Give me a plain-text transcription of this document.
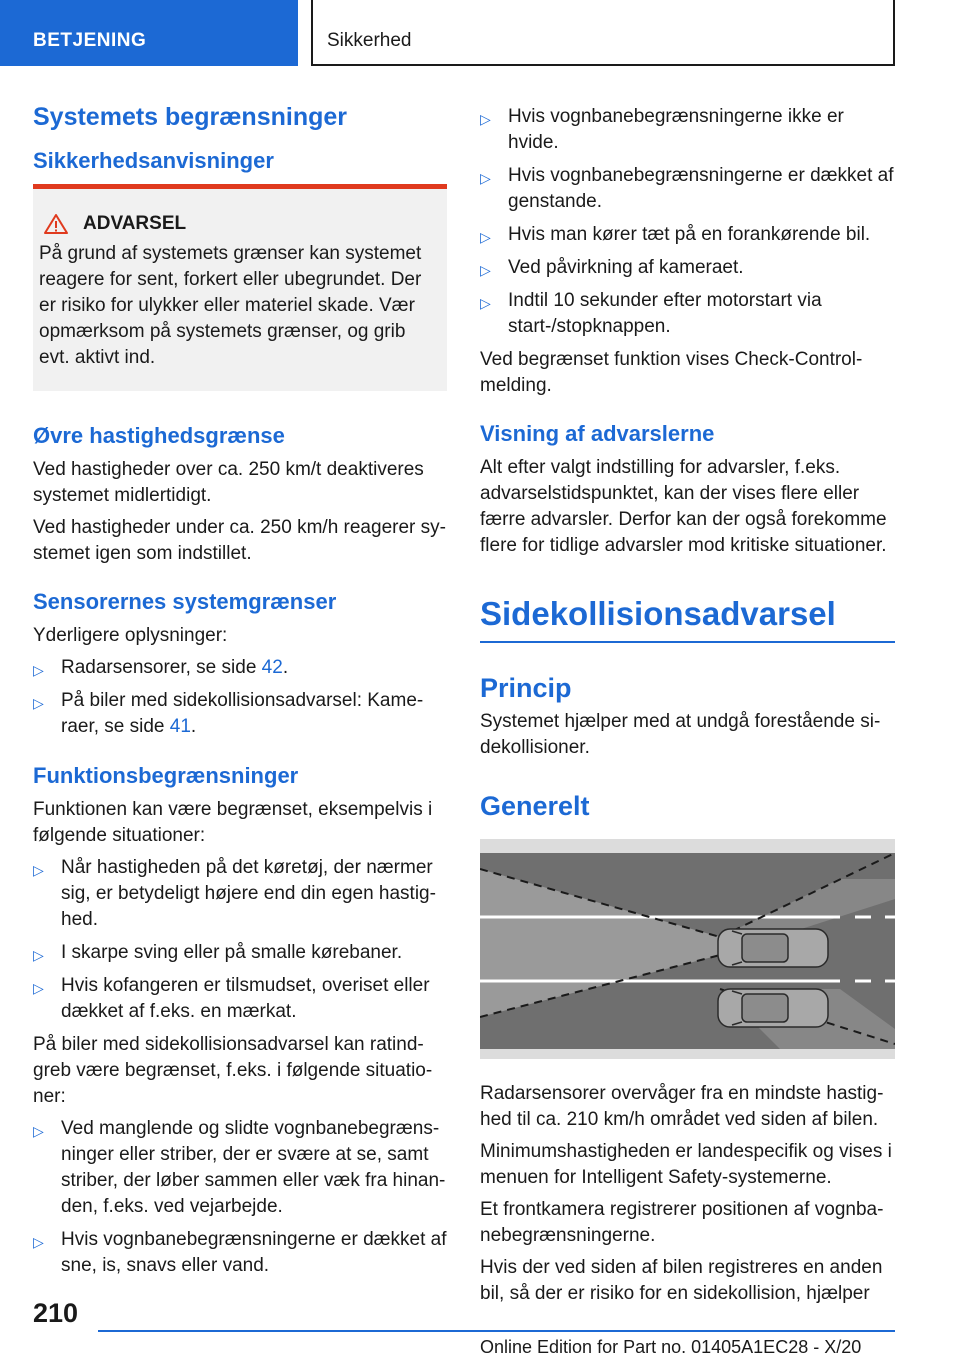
BETJENING	Sikkerhed
Systemets begrænsninger
Sikkerhedsanvisninger
ADVARSEL
På grund af systemets grænser kan systemet reagere for sent, forkert eller ubegrundet. Der er risiko for ulykker eller materiel skade. Vær opmærksom på systemets grænser, og grib evt. aktivt ind.
Øvre hastighedsgrænse

Ved hastigheder over ca. 250 km/t deaktiveres systemet midlertidigt.

Ved hastigheder under ca. 250 km/h reagerer systemet igen som indstillet.

Sensorernes systemgrænser

Yderligere oplysninger:

▷ Radarsensorer, se side 42.
▷ På biler med sidekollisionsadvarsel: Kameraer, se side 41.
Funktionsbegrænsninger

Funktionen kan være begrænset, eksempelvis i følgende situationer:

▷ Når hastigheden på det køretøj, der nærmer sig, er betydeligt højere end din egen hastighed.
▷ I skarpe sving eller på smalle kørebaner.
▷ Hvis kofangeren er tilsmudset, overiset eller dækket af f.eks. en mærkat.

På biler med sidekollisionsadvarsel kan ratindgreb være begrænset, f.eks. i følgende situationer:

▷ Ved manglende og slidte vognbanebegrænsninger eller striber, der er svære at se, samt striber, der løber sammen eller væk fra hinanden, f.eks. ved vejarbejde.
▷ Hvis vognbanebegrænsningerne er dækket af sne, is, snavs eller vand.
▷ Hvis vognbanebegrænsningerne ikke er hvide.
▷ Hvis vognbanebegrænsningerne er dækket af genstande.
▷ Hvis man kører tæt på en forankørende bil.
▷ Ved påvirkning af kameraet.
▷ Indtil 10 sekunder efter motorstart via start-/stopknappen.

Ved begrænset funktion vises Check-Control-melding.

Visning af advarslerne

Alt efter valgt indstilling for advarsler, f.eks. advarselstidspunktet, kan der vises flere eller færre advarsler. Derfor kan der også forekomme flere for tidlige advarsler mod kritiske situationer.

Sidekollisionsadvarsel
Princip

Systemet hjælper med at undgå forestående sidekollisioner.

Generelt

Radarsensorer overvåger fra en mindste hastighed til ca. 210 km/h området ved siden af bilen.

Minimumshastigheden er landespecifik og vises i menuen for Intelligent Safety-systemerne.

Et frontkamera registrerer positionen af vognbanebegrænsningerne.

Hvis der ved siden af bilen registreres en anden bil, så der er risiko for en sidekollision, hjælper

210
Online Edition for Part no. 01405A1EC28 - X/20
